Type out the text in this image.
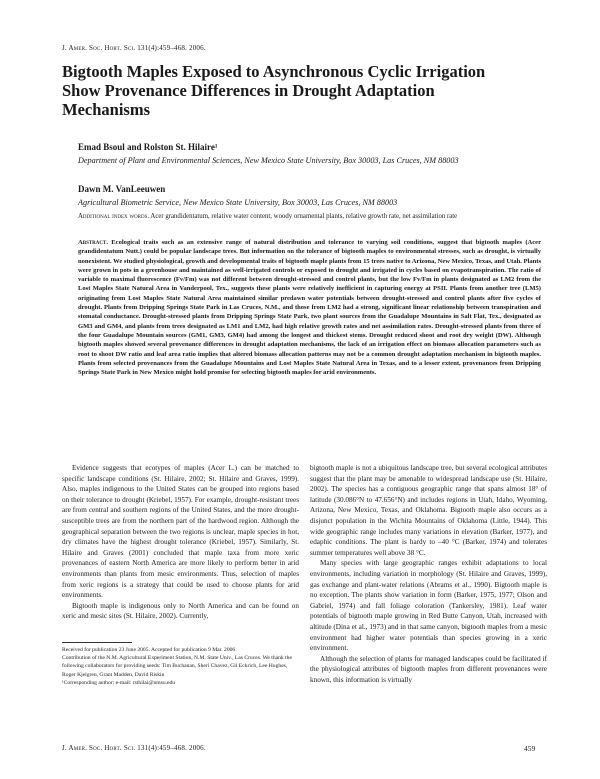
J. Amer. Soc. Hort. Sci. 131(4):459–468. 2006.
Bigtooth Maples Exposed to Asynchronous Cyclic Irrigation Show Provenance Differences in Drought Adaptation Mechanisms
Emad Bsoul and Rolston St. Hilaire¹
Department of Plant and Environmental Sciences, New Mexico State University, Box 30003, Las Cruces, NM 88003
Dawn M. VanLeeuwen
Agricultural Biometric Service, New Mexico State University, Box 30003, Las Cruces, NM 88003
Additional index words. Acer grandidentatum, relative water content, woody ornamental plants, relative growth rate, net assimilation rate
Abstract. Ecological traits such as an extensive range of natural distribution and tolerance to varying soil conditions, suggest that bigtooth maples (Acer grandidentatum Nutt.) could be popular landscape trees. But information on the tolerance of bigtooth maples to environmental stresses, such as drought, is virtually nonexistent. We studied physiological, growth and developmental traits of bigtooth maple plants from 15 trees native to Arizona, New Mexico, Texas, and Utah. Plants were grown in pots in a greenhouse and maintained as well-irrigated controls or exposed to drought and irrigated in cycles based on evapotranspiration. The ratio of variable to maximal fluorescence (Fv/Fm) was not different between drought-stressed and control plants, but the low Fv/Fm in plants designated as LM2 from the Lost Maples State Natural Area in Vanderpool, Tex., suggests these plants were relatively inefficient in capturing energy at PSII. Plants from another tree (LM5) originating from Lost Maples State Natural Area maintained similar predawn water potentials between drought-stressed and control plants after five cycles of drought. Plants from Dripping Springs State Park in Las Cruces, N.M., and those from LM2 had a strong, significant linear relationship between transpiration and stomatal conductance. Drought-stressed plants from Dripping Springs State Park, two plant sources from the Guadalupe Mountains in Salt Flat, Tex., designated as GM3 and GM4, and plants from trees designated as LM1 and LM2, had high relative growth rates and net assimilation rates. Drought-stressed plants from three of the four Guadalupe Mountain sources (GM1, GM3, GM4) had among the longest and thickest stems. Drought reduced shoot and root dry weight (DW). Although bigtooth maples showed several provenance differences in drought adaptation mechanisms, the lack of an irrigation effect on biomass allocation parameters such as root to shoot DW ratio and leaf area ratio implies that altered biomass allocation patterns may not be a common drought adaptation mechanism in bigtooth maples. Plants from selected provenances from the Guadalupe Mountains and Lost Maples State Natural Area in Texas, and to a lesser extent, provenances from Dripping Springs State Park in New Mexico might hold promise for selecting bigtooth maples for arid environments.

Evidence suggests that ecotypes of maples (Acer L.) can be matched to specific landscape conditions (St. Hilaire, 2002; St. Hilaire and Graves, 1999). Also, maples indigenous to the United States can be grouped into regions based on their tolerance to drought (Kriebel, 1957). For example, drought-resistant trees are from central and southern regions of the United States, and the more drought-susceptible trees are from the northern part of the hardwood region. Although the geographical separation between the two regions is unclear, maple species in hot, dry climates have the highest drought tolerance (Kriebel, 1957). Similarly, St. Hilaire and Graves (2001) concluded that maple taxa from more xeric provenances of eastern North America are more likely to perform better in arid environments than plants from mesic environments. Thus, selection of maples from xeric regions is a strategy that could be used to choose plants for arid environments.

Bigtooth maple is indigenous only to North America and can be found on xeric and mesic sites (St. Hilaire, 2002). Currently,

bigtooth maple is not a ubiquitous landscape tree, but several ecological attributes suggest that the plant may be amenable to widespread landscape use (St. Hilaire, 2002). The species has a contiguous geographic range that spans almost 18° of latitude (30.086°N to 47.656°N) and includes regions in Utah, Idaho, Wyoming, Arizona, New Mexico, Texas, and Oklahoma. Bigtooth maple also occurs as a disjunct population in the Wichita Mountains of Oklahoma (Little, 1944). This wide geographic range includes many variations in elevation (Barker, 1977), and edaphic conditions. The plant is hardy to –40 °C (Barker, 1974) and tolerates summer temperatures well above 38 °C.

Many species with large geographic ranges exhibit adaptations to local environments, including variation in morphology (St. Hilaire and Graves, 1999), gas exchange and plant-water relations (Abrams et al., 1990). Bigtooth maple is no exception. The plants show variation in form (Barker, 1975, 1977; Olson and Gabriel, 1974) and fall foliage coloration (Tankersley, 1981). Leaf water potentials of bigtooth maple growing in Red Butte Canyon, Utah, increased with altitude (Dina et al., 1973) and in that same canyon, bigtooth maples from a mesic environment had higher water potentials than species growing in a xeric environment.

Although the selection of plants for managed landscapes could be facilitated if the physiological attributes of bigtooth maples from different provenances were known, this information is virtually

Received for publication 23 June 2005. Accepted for publication 9 Mar. 2006.
Contribution of the N.M. Agricultural Experiment Station, N.M. State Univ., Las Cruces. We thank the following collaborators for providing seeds: Tim Buchanan, Sheri Chavez, Gil Eckrich, Lee Hughes, Roger Kjelgren, Grant Madden, David Riskin
¹Corresponding author; e-mail: rsthilai@nmsu.edu
J. Amer. Soc. Hort. Sci. 131(4):459–468. 2006.	459
